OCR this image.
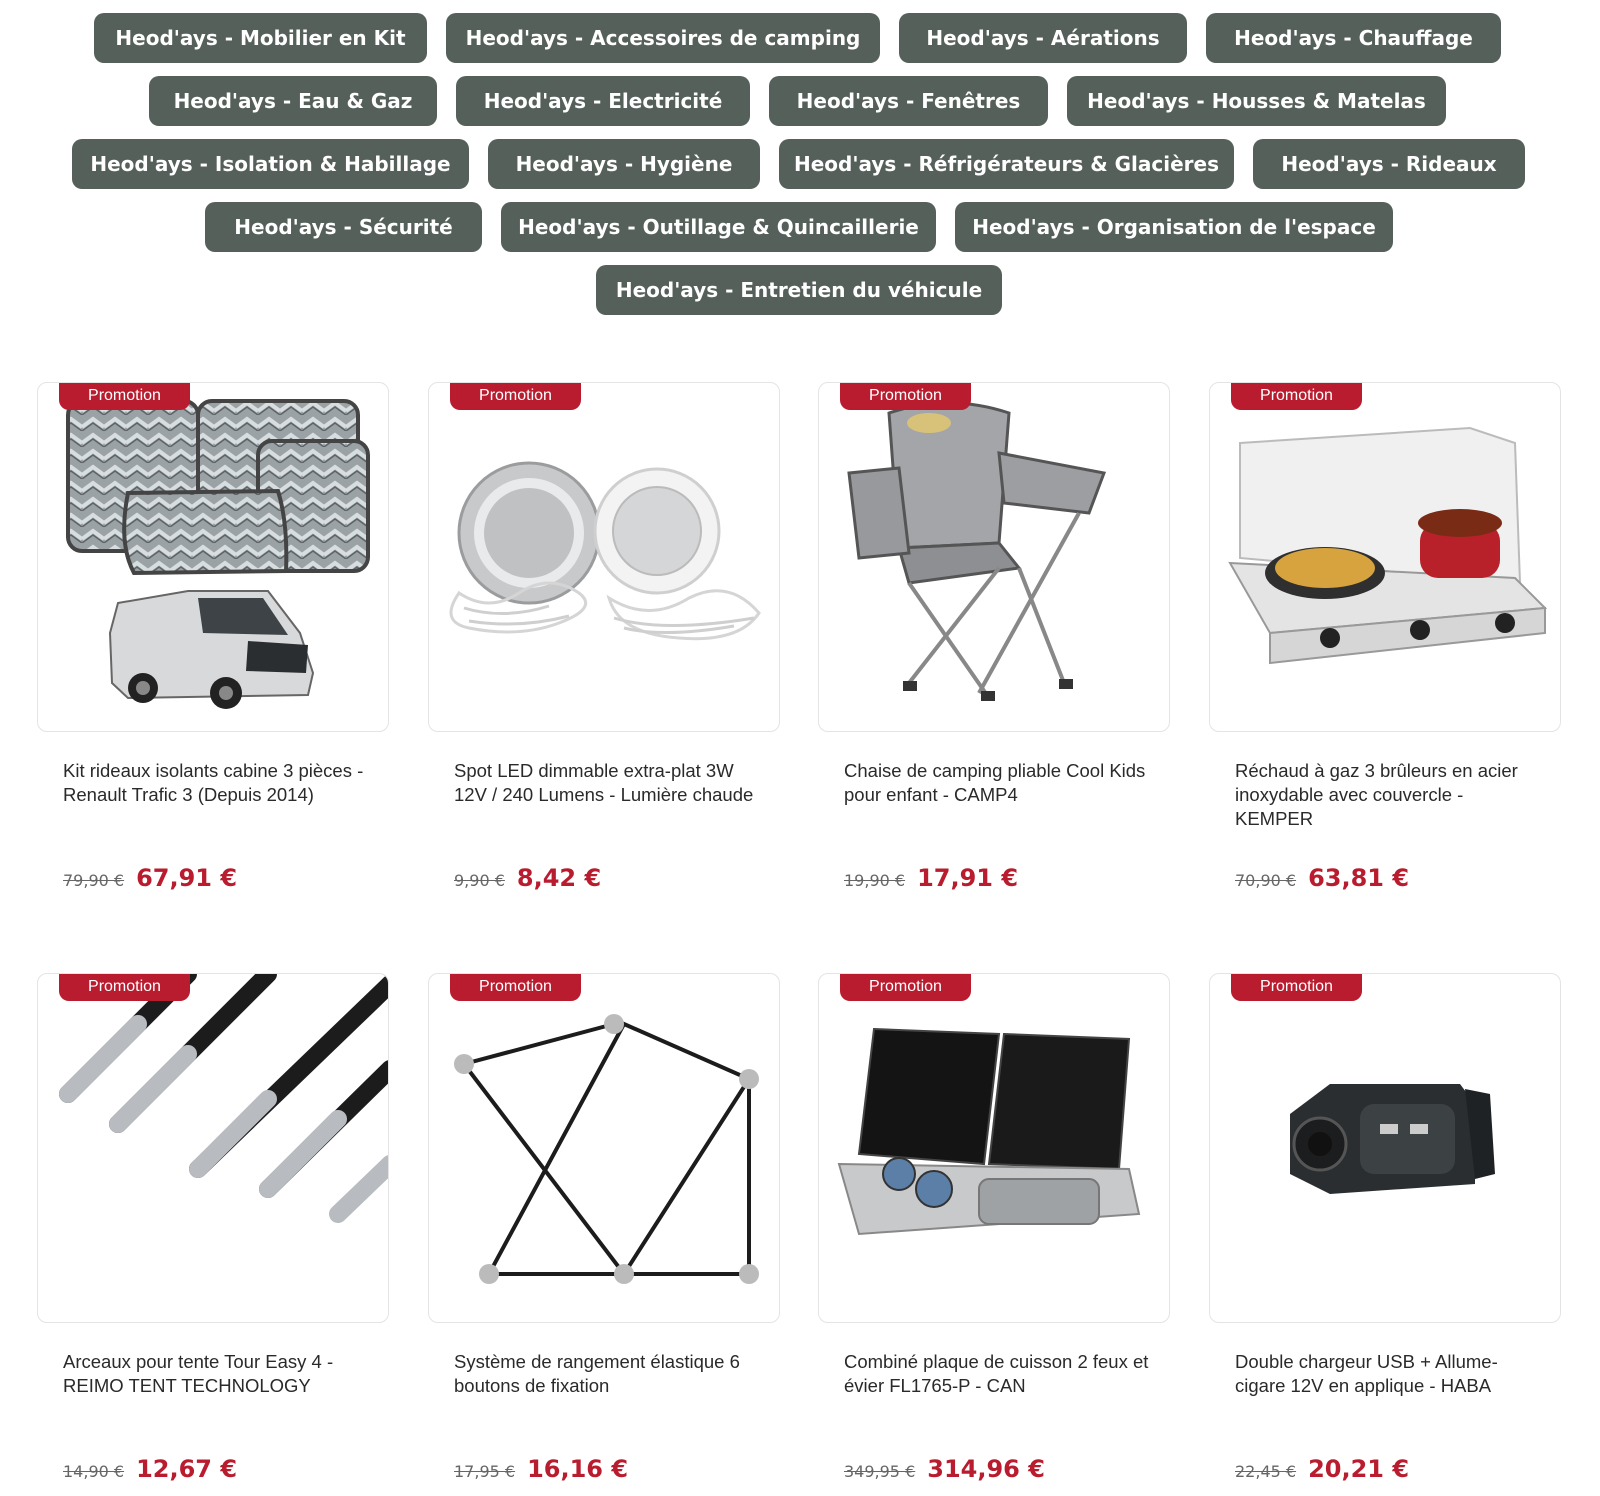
Heod'ays - Mobilier en Kit	Heod'ays - Accessoires de camping	Heod'ays - Aérations	Heod'ays - Chauffage
Heod'ays - Eau & Gaz	Heod'ays - Electricité	Heod'ays - Fenêtres	Heod'ays - Housses & Matelas
Heod'ays - Isolation & Habillage	Heod'ays - Hygiène	Heod'ays - Réfrigérateurs & Glacières	Heod'ays - Rideaux
Heod'ays - Sécurité	Heod'ays - Outillage & Quincaillerie	Heod'ays - Organisation de l'espace
Heod'ays - Entretien du véhicule
Promotion
Kit rideaux isolants cabine 3 pièces - Renault Trafic 3 (Depuis 2014)
79,90 € 67,91 €
Promotion
Spot LED dimmable extra-plat 3W 12V / 240 Lumens - Lumière chaude
9,90 € 8,42 €
Promotion
Chaise de camping pliable Cool Kids pour enfant - CAMP4
19,90 € 17,91 €
Promotion
Réchaud à gaz 3 brûleurs en acier inoxydable avec couvercle - KEMPER
70,90 € 63,81 €
Promotion
Arceaux pour tente Tour Easy 4 - REIMO TENT TECHNOLOGY
14,90 € 12,67 €
Promotion
Système de rangement élastique 6 boutons de fixation
17,95 € 16,16 €
Promotion
Combiné plaque de cuisson 2 feux et évier FL1765-P - CAN
349,95 € 314,96 €
Promotion
Double chargeur USB + Allume-cigare 12V en applique - HABA
22,45 € 20,21 €
